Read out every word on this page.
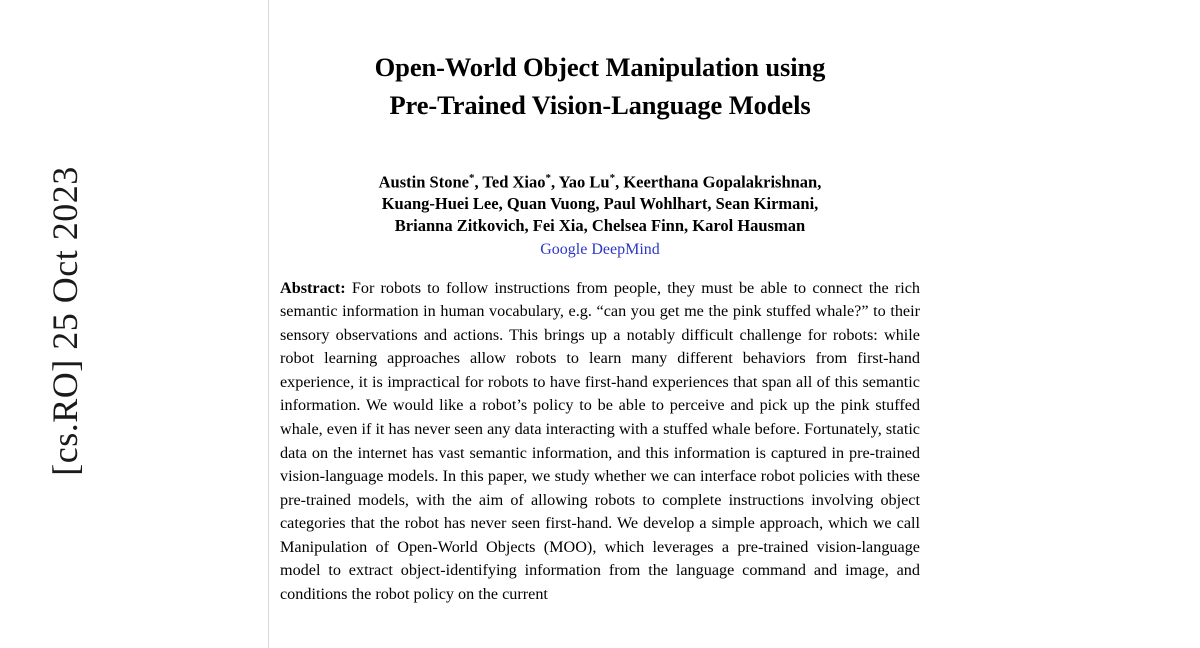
[cs.RO] 25 Oct 2023
Open-World Object Manipulation using
Pre-Trained Vision-Language Models
Austin Stone*, Ted Xiao*, Yao Lu*, Keerthana Gopalakrishnan,
Kuang-Huei Lee, Quan Vuong, Paul Wohlhart, Sean Kirmani,
Brianna Zitkovich, Fei Xia, Chelsea Finn, Karol Hausman
Google DeepMind
Abstract: For robots to follow instructions from people, they must be able to connect the rich semantic information in human vocabulary, e.g. “can you get me the pink stuffed whale?” to their sensory observations and actions. This brings up a notably difficult challenge for robots: while robot learning approaches allow robots to learn many different behaviors from first-hand experience, it is impractical for robots to have first-hand experiences that span all of this semantic information. We would like a robot’s policy to be able to perceive and pick up the pink stuffed whale, even if it has never seen any data interacting with a stuffed whale before. Fortunately, static data on the internet has vast semantic information, and this information is captured in pre-trained vision-language models. In this paper, we study whether we can interface robot policies with these pre-trained models, with the aim of allowing robots to complete instructions involving object categories that the robot has never seen first-hand. We develop a simple approach, which we call Manipulation of Open-World Objects (MOO), which leverages a pre-trained vision-language model to extract object-identifying information from the language command and image, and conditions the robot policy on the current
